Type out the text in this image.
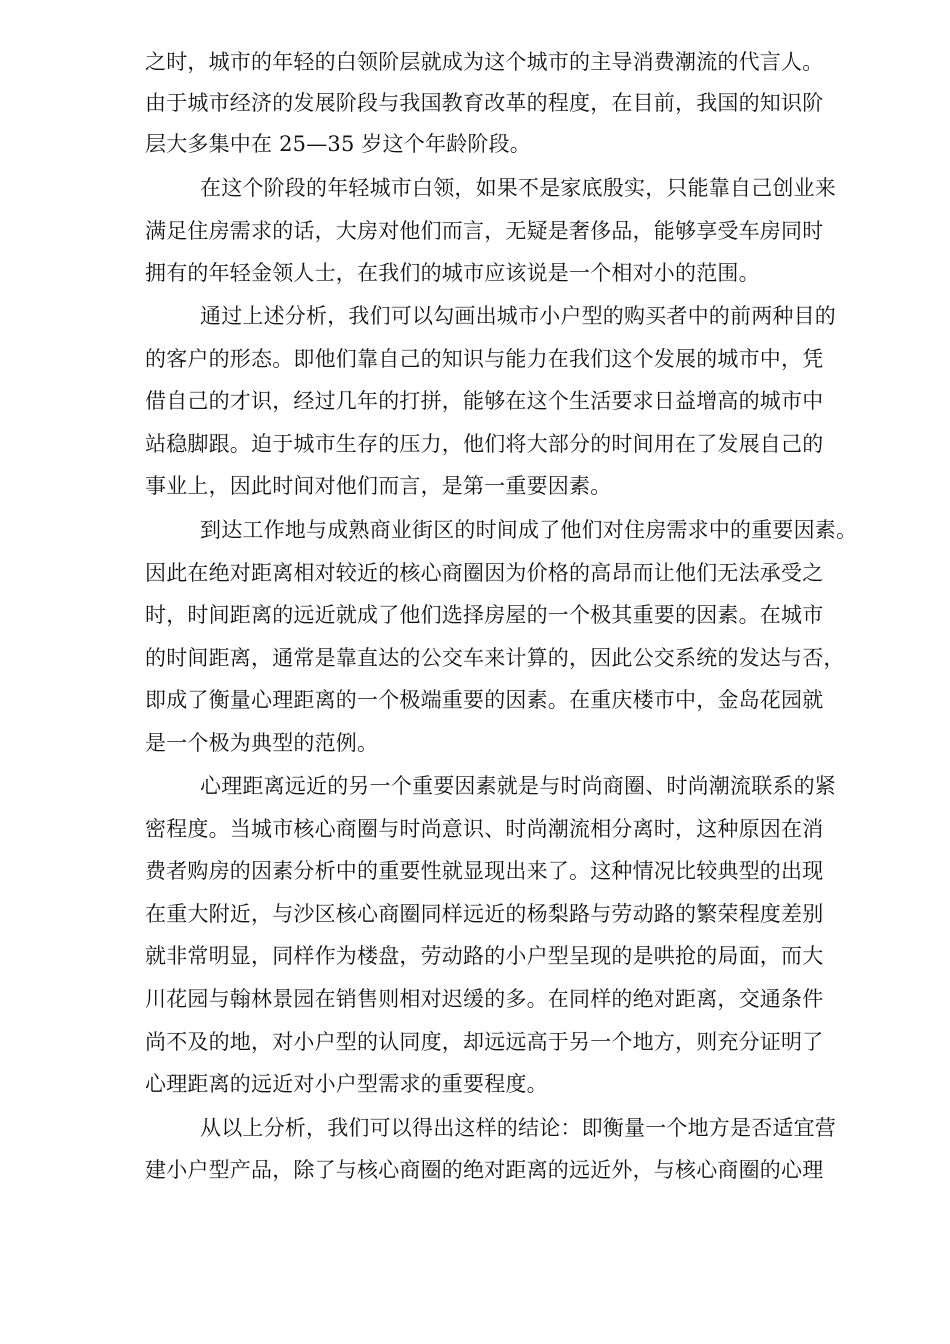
之时，城市的年轻的白领阶层就成为这个城市的主导消费潮流的代言人。
由于城市经济的发展阶段与我国教育改革的程度，在目前，我国的知识阶
层大多集中在 25—35 岁这个年龄阶段。
在这个阶段的年轻城市白领，如果不是家底殷实，只能靠自己创业来
满足住房需求的话，大房对他们而言，无疑是奢侈品，能够享受车房同时
拥有的年轻金领人士，在我们的城市应该说是一个相对小的范围。
通过上述分析，我们可以勾画出城市小户型的购买者中的前两种目的
的客户的形态。即他们靠自己的知识与能力在我们这个发展的城市中，凭
借自己的才识，经过几年的打拼，能够在这个生活要求日益增高的城市中
站稳脚跟。迫于城市生存的压力，他们将大部分的时间用在了发展自己的
事业上，因此时间对他们而言，是第一重要因素。
到达工作地与成熟商业街区的时间成了他们对住房需求中的重要因素。
因此在绝对距离相对较近的核心商圈因为价格的高昂而让他们无法承受之
时，时间距离的远近就成了他们选择房屋的一个极其重要的因素。在城市
的时间距离，通常是靠直达的公交车来计算的，因此公交系统的发达与否，
即成了衡量心理距离的一个极端重要的因素。在重庆楼市中，金岛花园就
是一个极为典型的范例。
心理距离远近的另一个重要因素就是与时尚商圈、时尚潮流联系的紧
密程度。当城市核心商圈与时尚意识、时尚潮流相分离时，这种原因在消
费者购房的因素分析中的重要性就显现出来了。这种情况比较典型的出现
在重大附近，与沙区核心商圈同样远近的杨梨路与劳动路的繁荣程度差别
就非常明显，同样作为楼盘，劳动路的小户型呈现的是哄抢的局面，而大
川花园与翰林景园在销售则相对迟缓的多。在同样的绝对距离，交通条件
尚不及的地，对小户型的认同度，却远远高于另一个地方，则充分证明了
心理距离的远近对小户型需求的重要程度。
从以上分析，我们可以得出这样的结论：即衡量一个地方是否适宜营
建小户型产品，除了与核心商圈的绝对距离的远近外，与核心商圈的心理
